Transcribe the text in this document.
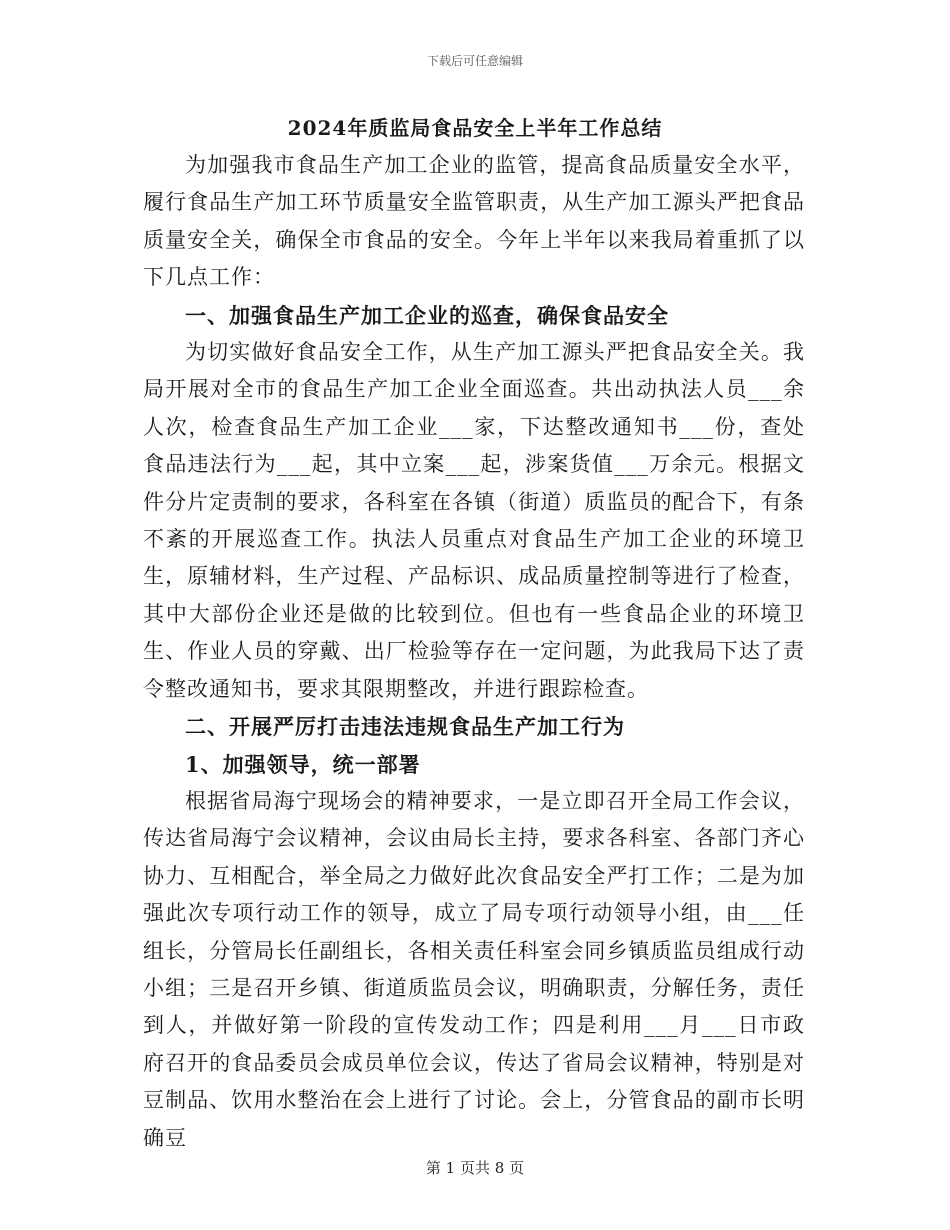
下载后可任意编辑
2024年质监局食品安全上半年工作总结

为加强我市食品生产加工企业的监管，提高食品质量安全水平，履行食品生产加工环节质量安全监管职责，从生产加工源头严把食品质量安全关，确保全市食品的安全。今年上半年以来我局着重抓了以下几点工作：

一、加强食品生产加工企业的巡查，确保食品安全

为切实做好食品安全工作，从生产加工源头严把食品安全关。我局开展对全市的食品生产加工企业全面巡查。共出动执法人员___余人次，检查食品生产加工企业___家，下达整改通知书___份，查处食品违法行为___起，其中立案___起，涉案货值___万余元。根据文件分片定责制的要求，各科室在各镇（街道）质监员的配合下，有条不紊的开展巡查工作。执法人员重点对食品生产加工企业的环境卫生，原辅材料，生产过程、产品标识、成品质量控制等进行了检查，其中大部份企业还是做的比较到位。但也有一些食品企业的环境卫生、作业人员的穿戴、出厂检验等存在一定问题，为此我局下达了责令整改通知书，要求其限期整改，并进行跟踪检查。

二、开展严厉打击违法违规食品生产加工行为
1、加强领导，统一部署

根据省局海宁现场会的精神要求，一是立即召开全局工作会议，传达省局海宁会议精神，会议由局长主持，要求各科室、各部门齐心协力、互相配合，举全局之力做好此次食品安全严打工作；二是为加强此次专项行动工作的领导，成立了局专项行动领导小组，由___任组长，分管局长任副组长，各相关责任科室会同乡镇质监员组成行动小组；三是召开乡镇、街道质监员会议，明确职责，分解任务，责任到人，并做好第一阶段的宣传发动工作；四是利用___月___日市政府召开的食品委员会成员单位会议，传达了省局会议精神，特别是对豆制品、饮用水整治在会上进行了讨论。会上，分管食品的副市长明确豆

第 1 页共 8 页
